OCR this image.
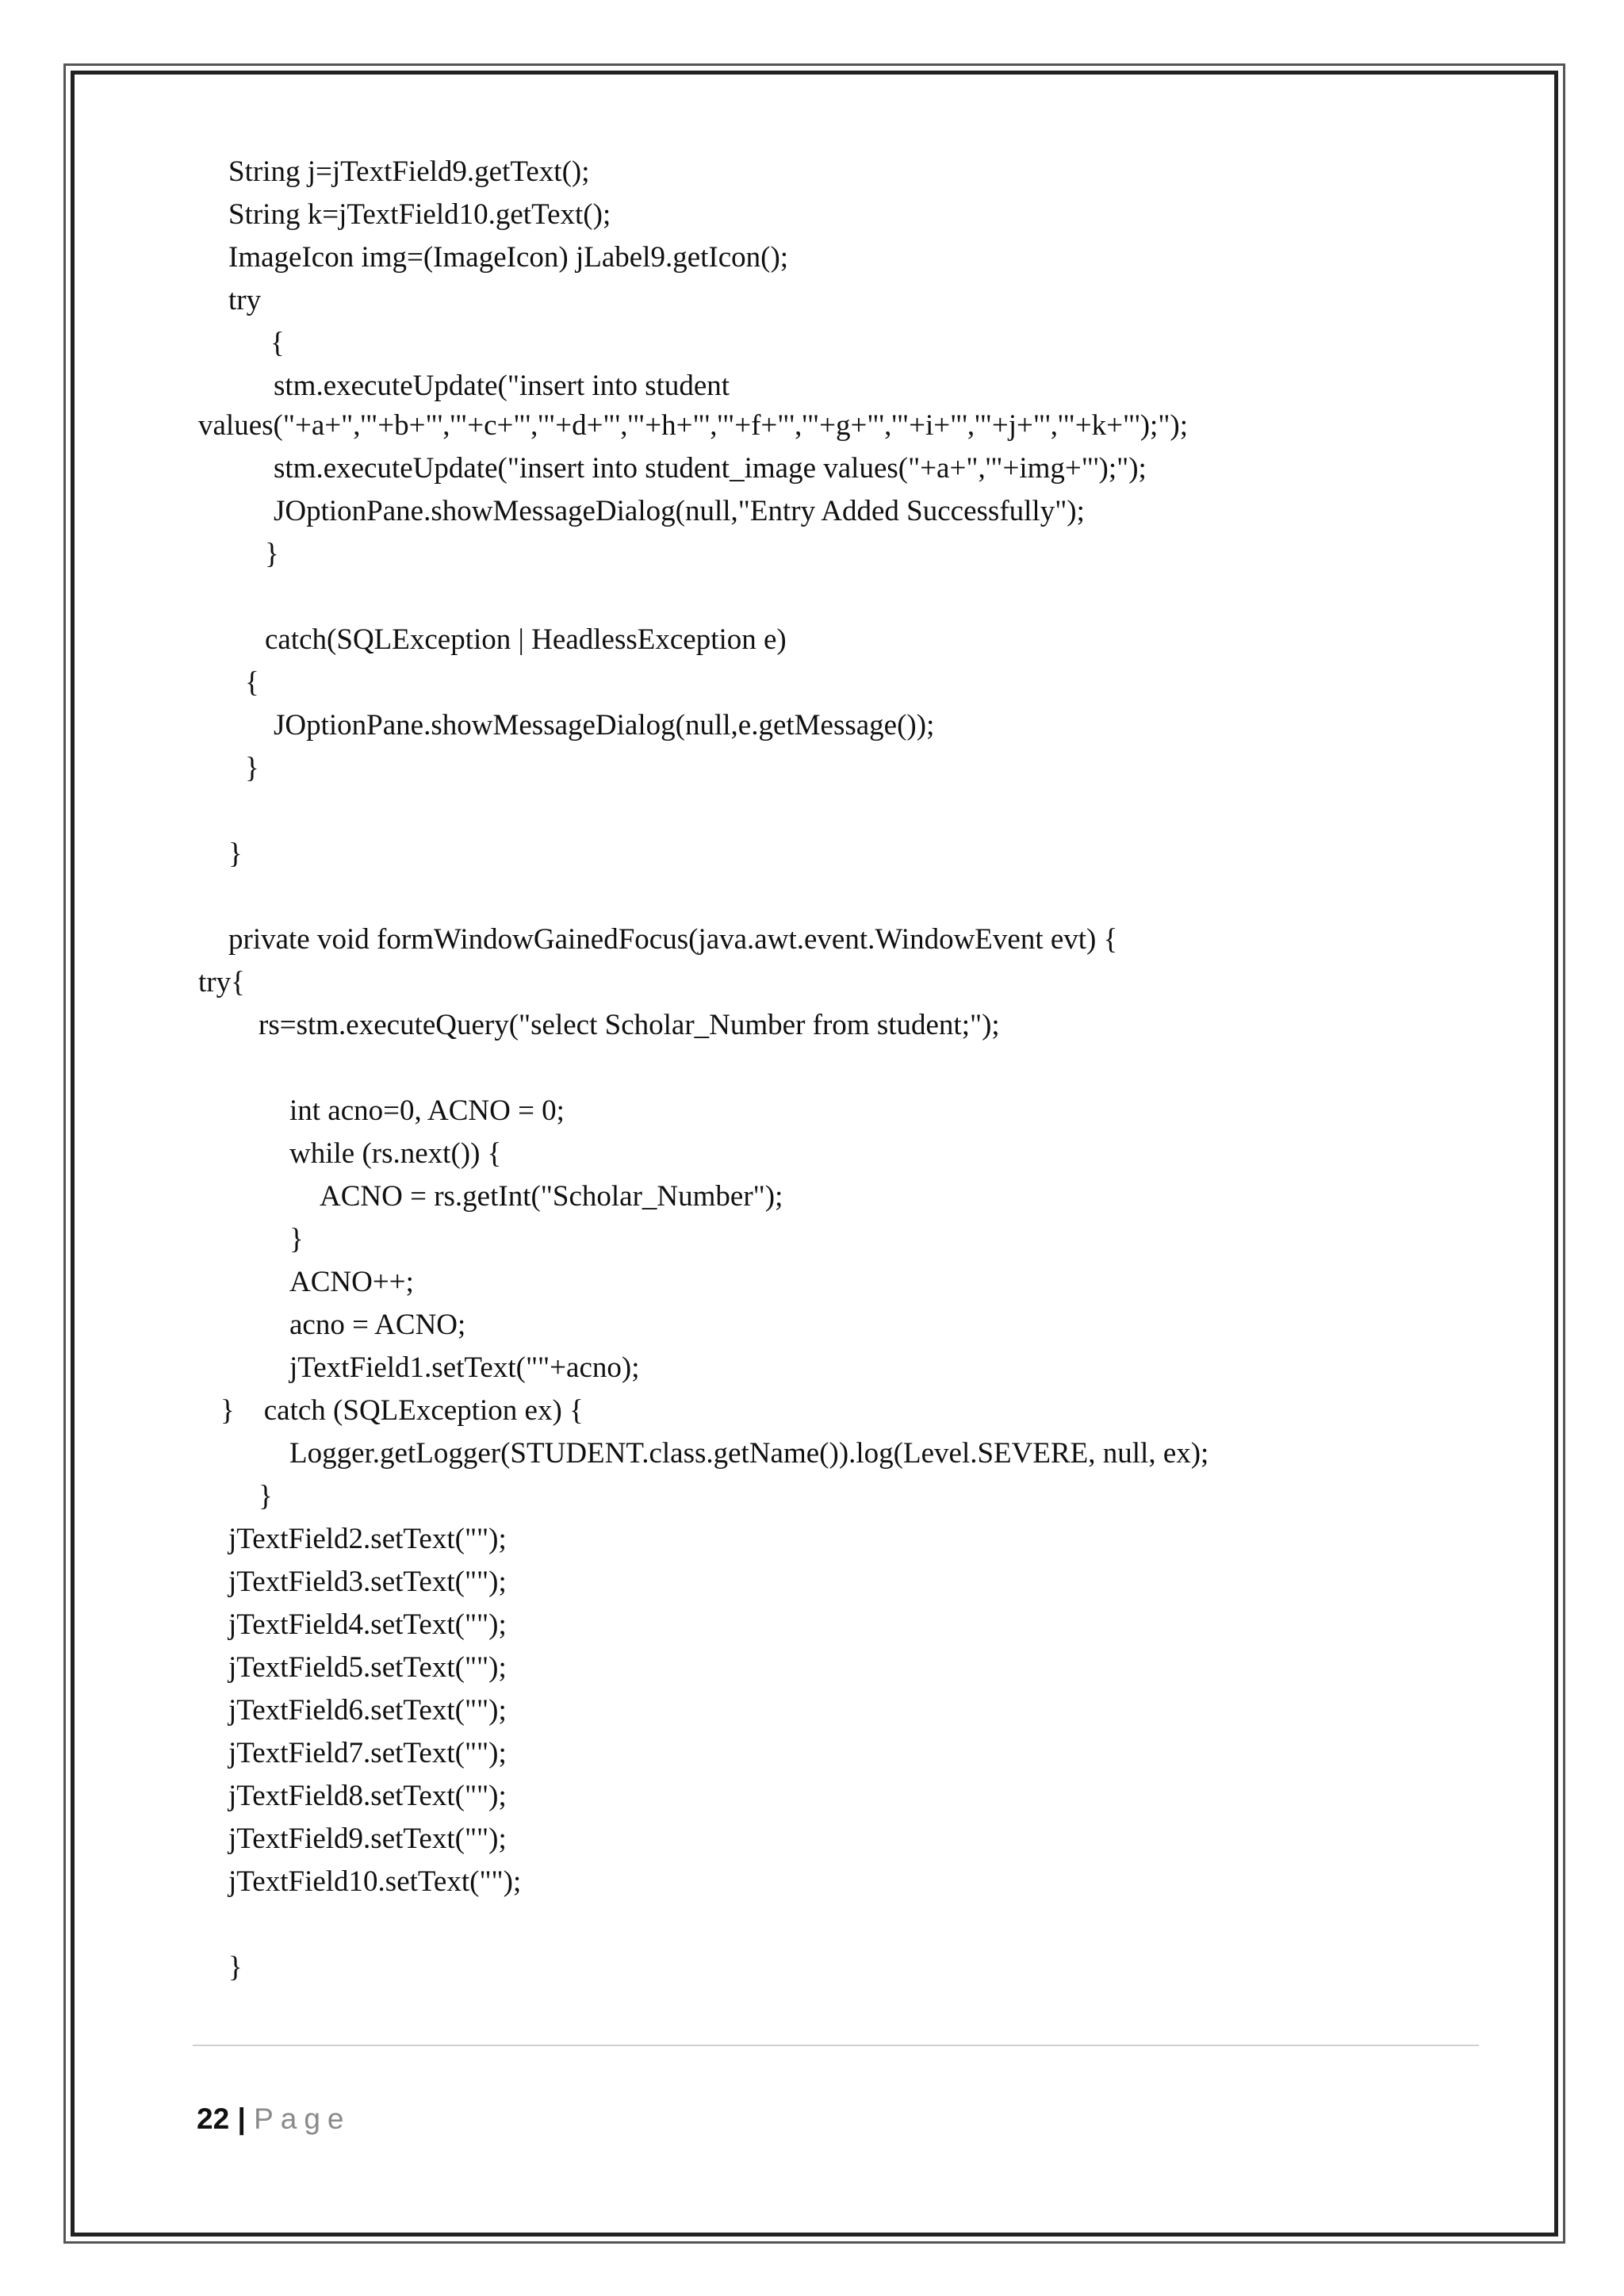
String j=jTextField9.getText();
String k=jTextField10.getText();
ImageIcon img=(ImageIcon) jLabel9.getIcon();
try
{
stm.executeUpdate("insert into student
values("+a+",'"+b+"','"+c+"','"+d+"','"+h+"','"+f+"','"+g+"','"+i+"','"+j+"','"+k+"');");
stm.executeUpdate("insert into student_image values("+a+",'"+img+"');");
JOptionPane.showMessageDialog(null,"Entry Added Successfully");
}
catch(SQLException | HeadlessException e)
{
JOptionPane.showMessageDialog(null,e.getMessage());
}
}
private void formWindowGainedFocus(java.awt.event.WindowEvent evt) {
try{
rs=stm.executeQuery("select Scholar_Number from student;");
int acno=0, ACNO = 0;
while (rs.next()) {
ACNO = rs.getInt("Scholar_Number");
}
ACNO++;
acno = ACNO;
jTextField1.setText(""+acno);
}    catch (SQLException ex) {
Logger.getLogger(STUDENT.class.getName()).log(Level.SEVERE, null, ex);
}
jTextField2.setText("");
jTextField3.setText("");
jTextField4.setText("");
jTextField5.setText("");
jTextField6.setText("");
jTextField7.setText("");
jTextField8.setText("");
jTextField9.setText("");
jTextField10.setText("");
}
22 | Page
